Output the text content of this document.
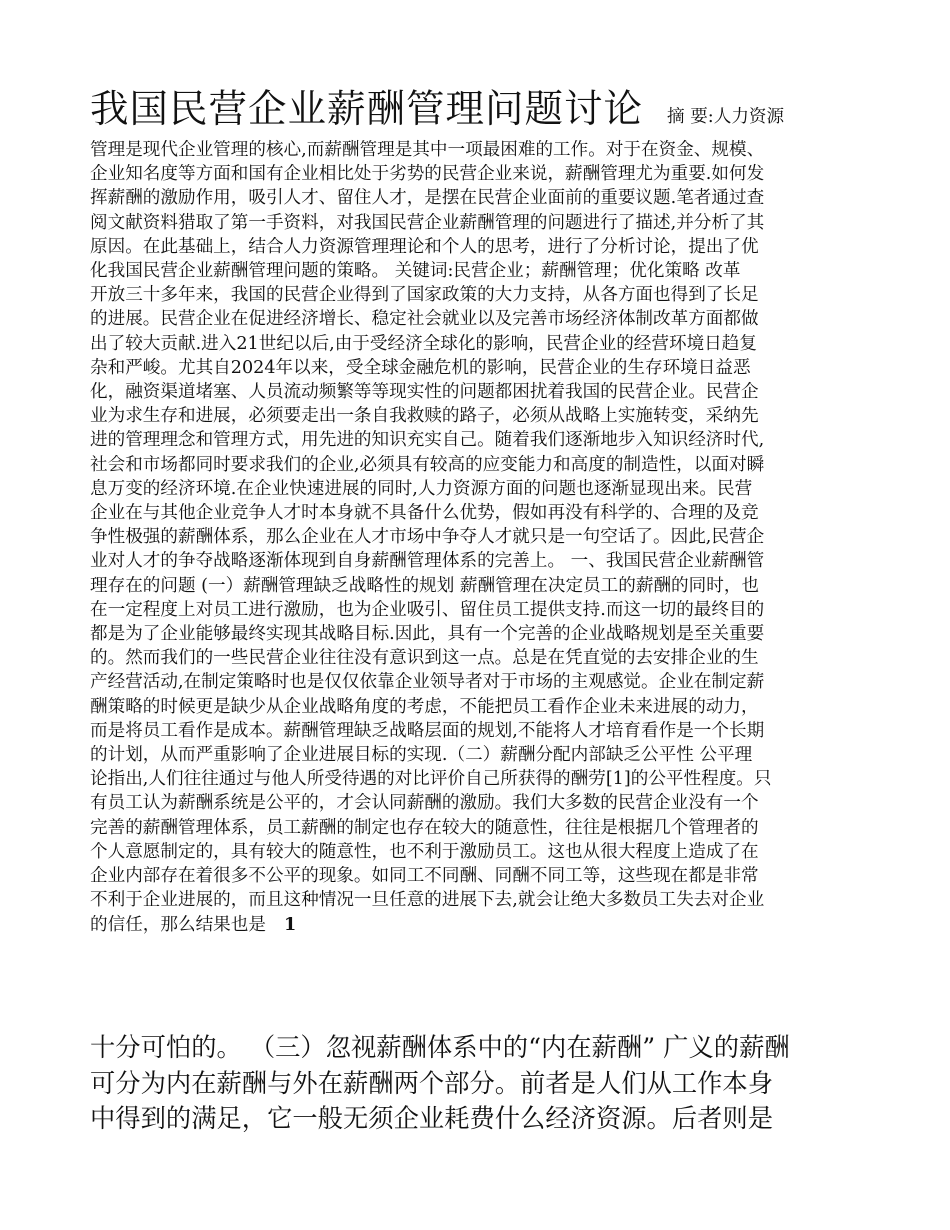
我国民营企业薪酬管理问题讨论 摘 要:人力资源
管理是现代企业管理的核心,而薪酬管理是其中一项最困难的工作。对于在资金、规模、
企业知名度等方面和国有企业相比处于劣势的民营企业来说，薪酬管理尤为重要.如何发
挥薪酬的激励作用，吸引人才、留住人才，是摆在民营企业面前的重要议题.笔者通过查
阅文献资料猎取了第一手资料，对我国民营企业薪酬管理的问题进行了描述,并分析了其
原因。在此基础上，结合人力资源管理理论和个人的思考，进行了分析讨论，提出了优
化我国民营企业薪酬管理问题的策略。 关键词:民营企业；薪酬管理；优化策略 改革
开放三十多年来，我国的民营企业得到了国家政策的大力支持，从各方面也得到了长足
的进展。民营企业在促进经济增长、稳定社会就业以及完善市场经济体制改革方面都做
出了较大贡献.进入21世纪以后,由于受经济全球化的影响，民营企业的经营环境日趋复
杂和严峻。尤其自2024年以来，受全球金融危机的影响，民营企业的生存环境日益恶
化，融资渠道堵塞、人员流动频繁等等现实性的问题都困扰着我国的民营企业。民营企
业为求生存和进展，必须要走出一条自我救赎的路子，必须从战略上实施转变，采纳先
进的管理理念和管理方式，用先进的知识充实自己。随着我们逐渐地步入知识经济时代,
社会和市场都同时要求我们的企业,必须具有较高的应变能力和高度的制造性，以面对瞬
息万变的经济环境.在企业快速进展的同时,人力资源方面的问题也逐渐显现出来。民营
企业在与其他企业竞争人才时本身就不具备什么优势，假如再没有科学的、合理的及竞
争性极强的薪酬体系，那么企业在人才市场中争夺人才就只是一句空话了。因此,民营企
业对人才的争夺战略逐渐体现到自身薪酬管理体系的完善上。 一、我国民营企业薪酬管
理存在的问题 (一）薪酬管理缺乏战略性的规划 薪酬管理在决定员工的薪酬的同时，也
在一定程度上对员工进行激励，也为企业吸引、留住员工提供支持.而这一切的最终目的
都是为了企业能够最终实现其战略目标.因此，具有一个完善的企业战略规划是至关重要
的。然而我们的一些民营企业往往没有意识到这一点。总是在凭直觉的去安排企业的生
产经营活动,在制定策略时也是仅仅依靠企业领导者对于市场的主观感觉。企业在制定薪
酬策略的时候更是缺少从企业战略角度的考虑，不能把员工看作企业未来进展的动力，
而是将员工看作是成本。薪酬管理缺乏战略层面的规划,不能将人才培育看作是一个长期
的计划，从而严重影响了企业进展目标的实现.（二）薪酬分配内部缺乏公平性 公平理
论指出,人们往往通过与他人所受待遇的对比评价自己所获得的酬劳[1]的公平性程度。只
有员工认为薪酬系统是公平的，才会认同薪酬的激励。我们大多数的民营企业没有一个
完善的薪酬管理体系，员工薪酬的制定也存在较大的随意性，往往是根据几个管理者的
个人意愿制定的，具有较大的随意性，也不利于激励员工。这也从很大程度上造成了在
企业内部存在着很多不公平的现象。如同工不同酬、同酬不同工等，这些现在都是非常
不利于企业进展的，而且这种情况一旦任意的进展下去,就会让绝大多数员工失去对企业
的信任，那么结果也是 1
十分可怕的。 （三）忽视薪酬体系中的“内在薪酬” 广义的薪酬
可分为内在薪酬与外在薪酬两个部分。前者是人们从工作本身
中得到的满足，它一般无须企业耗费什么经济资源。后者则是
